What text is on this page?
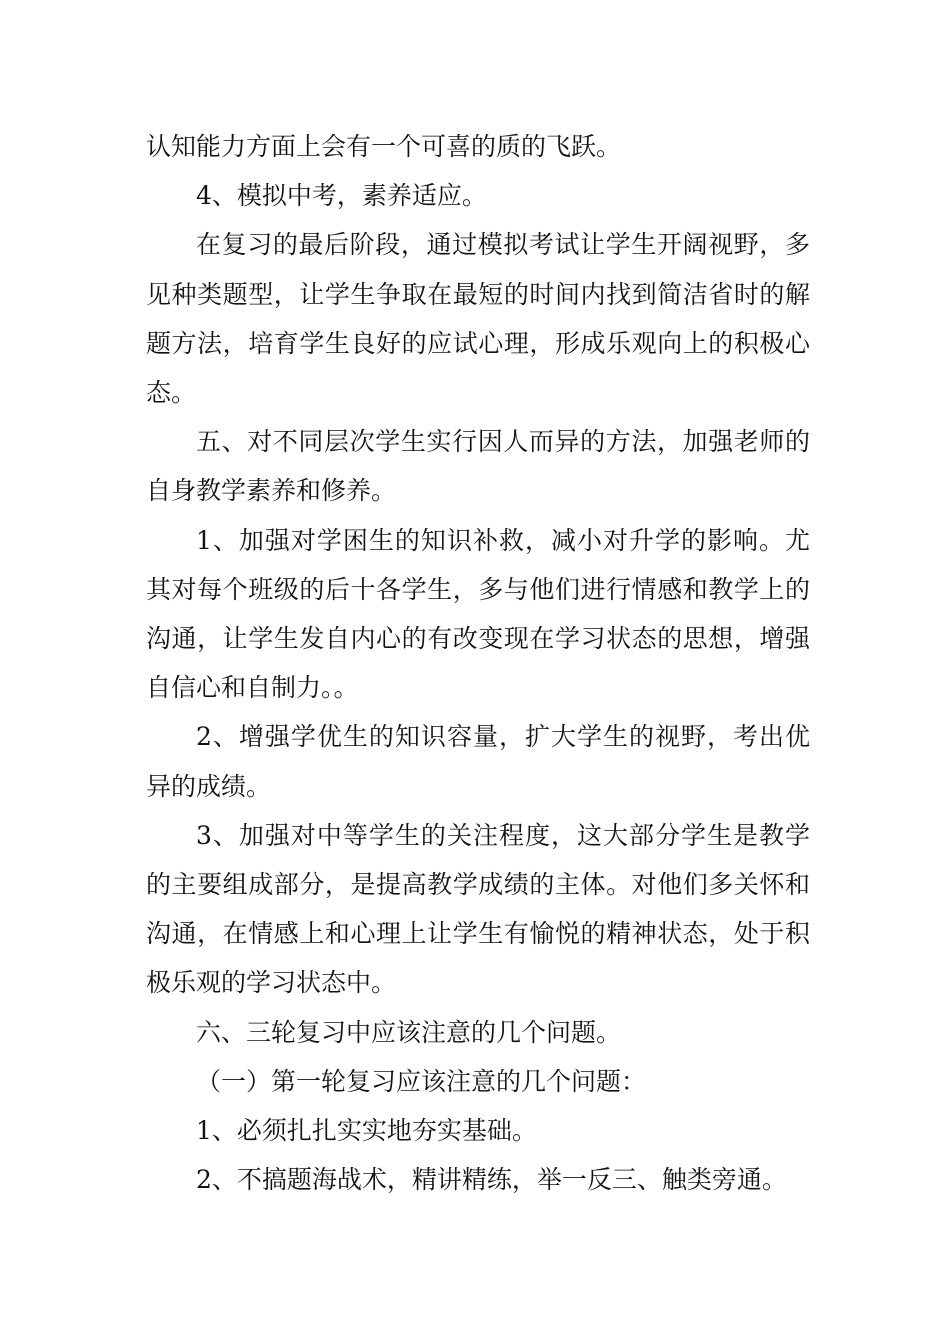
认知能力方面上会有一个可喜的质的飞跃。

4、模拟中考，素养适应。

在复习的最后阶段，通过模拟考试让学生开阔视野，多见种类题型，让学生争取在最短的时间内找到简洁省时的解题方法，培育学生良好的应试心理，形成乐观向上的积极心态。

五、对不同层次学生实行因人而异的方法，加强老师的自身教学素养和修养。

1、加强对学困生的知识补救，减小对升学的影响。尤其对每个班级的后十各学生，多与他们进行情感和教学上的沟通，让学生发自内心的有改变现在学习状态的思想，增强自信心和自制力。。

2、增强学优生的知识容量，扩大学生的视野，考出优异的成绩。

3、加强对中等学生的关注程度，这大部分学生是教学的主要组成部分，是提高教学成绩的主体。对他们多关怀和沟通，在情感上和心理上让学生有愉悦的精神状态，处于积极乐观的学习状态中。

六、三轮复习中应该注意的几个问题。

（一）第一轮复习应该注意的几个问题：

1、必须扎扎实实地夯实基础。

2、不搞题海战术，精讲精练，举一反三、触类旁通。
